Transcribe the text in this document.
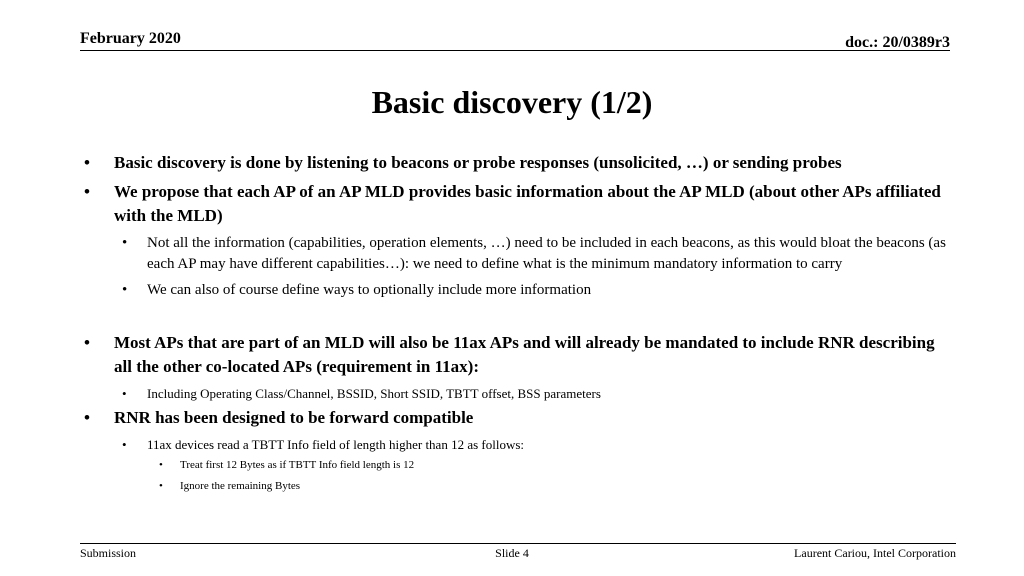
February 2020	doc.: 20/0389r3
Basic discovery (1/2)
• Basic discovery is done by listening to beacons or probe responses (unsolicited, …) or sending probes
• We propose that each AP of an AP MLD provides basic information about the AP MLD (about other APs affiliated with the MLD)
• Not all the information (capabilities, operation elements, …) need to be included in each beacons, as this would bloat the beacons (as each AP may have different capabilities…): we need to define what is the minimum mandatory information to carry
• We can also of course define ways to optionally include more information
• Most APs that are part of an MLD will also be 11ax APs and will already be mandated to include RNR describing all the other co-located APs (requirement in 11ax):
• Including Operating Class/Channel, BSSID, Short SSID, TBTT offset, BSS parameters
• RNR has been designed to be forward compatible
• 11ax devices read a TBTT Info field of length higher than 12 as follows:
• Treat first 12 Bytes as if TBTT Info field length is 12
• Ignore the remaining Bytes
Submission	Slide 4	Laurent Cariou, Intel Corporation
